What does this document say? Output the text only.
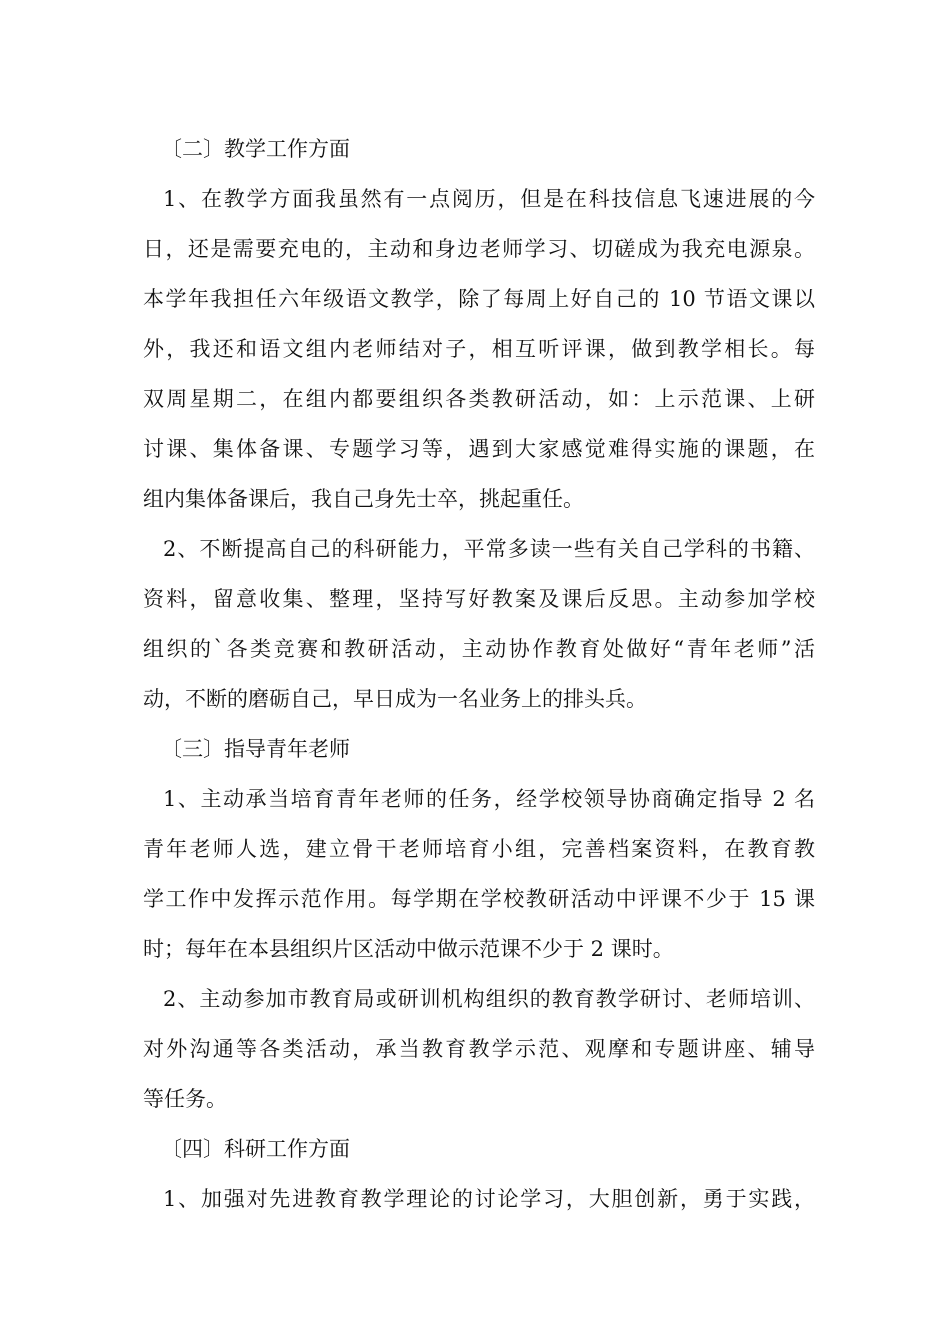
〔二〕教学工作方面
1、在教学方面我虽然有一点阅历，但是在科技信息飞速进展的今
日，还是需要充电的，主动和身边老师学习、切磋成为我充电源泉。
本学年我担任六年级语文教学，除了每周上好自己的 10 节语文课以
外，我还和语文组内老师结对子，相互听评课，做到教学相长。每
双周星期二，在组内都要组织各类教研活动，如：上示范课、上研
讨课、集体备课、专题学习等，遇到大家感觉难得实施的课题，在
组内集体备课后，我自己身先士卒，挑起重任。
2、不断提高自己的科研能力，平常多读一些有关自己学科的书籍、
资料，留意收集、整理，坚持写好教案及课后反思。主动参加学校
组织的`各类竞赛和教研活动，主动协作教育处做好“青年老师”活
动，不断的磨砺自己，早日成为一名业务上的排头兵。
〔三〕指导青年老师
1、主动承当培育青年老师的任务，经学校领导协商确定指导 2 名
青年老师人选，建立骨干老师培育小组，完善档案资料，在教育教
学工作中发挥示范作用。每学期在学校教研活动中评课不少于 15 课
时；每年在本县组织片区活动中做示范课不少于 2 课时。
2、主动参加市教育局或研训机构组织的教育教学研讨、老师培训、
对外沟通等各类活动，承当教育教学示范、观摩和专题讲座、辅导
等任务。
〔四〕科研工作方面
1、加强对先进教育教学理论的讨论学习，大胆创新，勇于实践，
